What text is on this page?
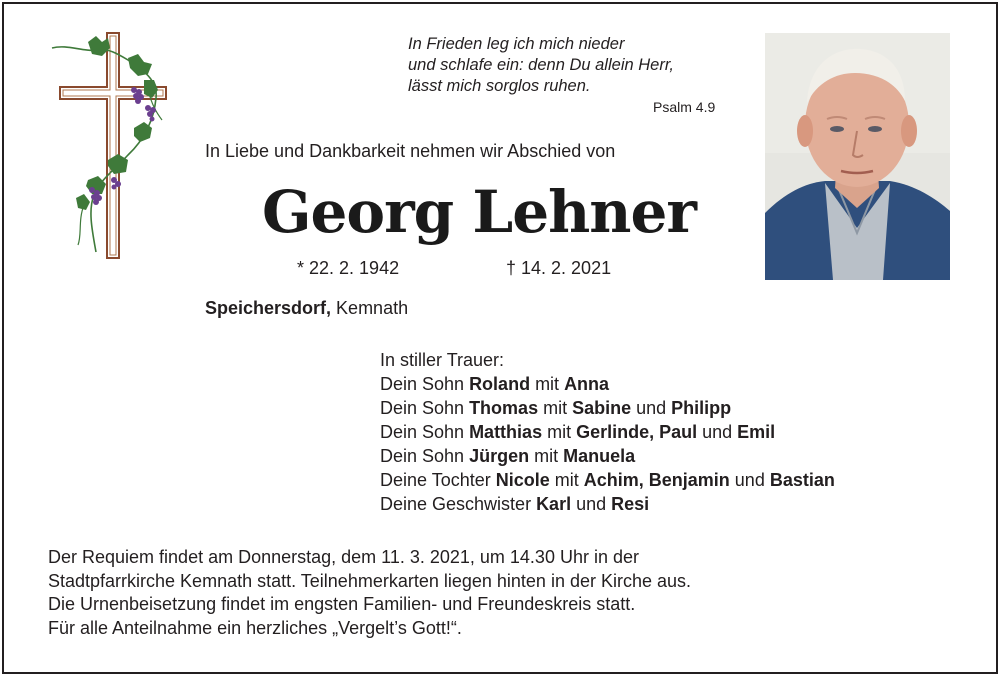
In Frieden leg ich mich nieder
und schlafe ein: denn Du allein Herr,
lässt mich sorglos ruhen.
Psalm 4.9
In Liebe und Dankbarkeit nehmen wir Abschied von
Georg Lehner
* 22. 2. 1942	† 14. 2. 2021
Speichersdorf, Kemnath
In stiller Trauer:
Dein Sohn Roland mit Anna
Dein Sohn Thomas mit Sabine und Philipp
Dein Sohn Matthias mit Gerlinde, Paul und Emil
Dein Sohn Jürgen mit Manuela
Deine Tochter Nicole mit Achim, Benjamin und Bastian
Deine Geschwister Karl und Resi
Der Requiem findet am Donnerstag, dem 11. 3. 2021, um 14.30 Uhr in der
Stadtpfarrkirche Kemnath statt. Teilnehmerkarten liegen hinten in der Kirche aus.
Die Urnenbeisetzung findet im engsten Familien- und Freundeskreis statt.
Für alle Anteilnahme ein herzliches „Vergelt’s Gott!“.
